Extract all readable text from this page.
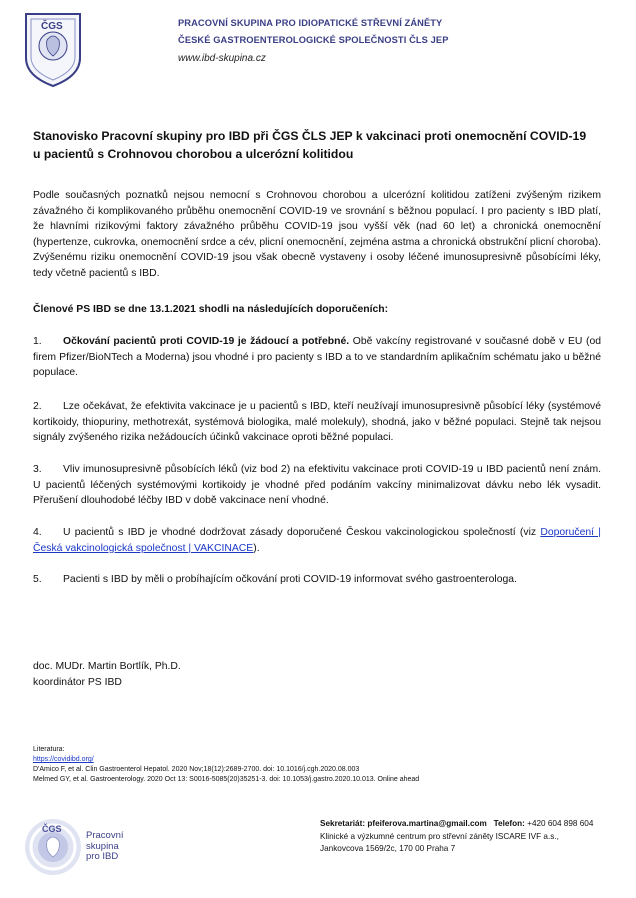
ČGS	PRACOVNÍ SKUPINA PRO IDIOPATICKÉ STŘEVNÍ ZÁNĚTY
ČESKÉ GASTROENTEROLOGICKÉ SPOLEČNOSTI ČLS JEP
www.ibd-skupina.cz
Stanovisko Pracovní skupiny pro IBD při ČGS ČLS JEP k vakcinaci proti onemocnění COVID-19 u pacientů s Crohnovou chorobou a ulcerózní kolitidou
Podle současných poznatků nejsou nemocní s Crohnovou chorobou a ulcerózní kolitidou zatíženi zvýšeným rizikem závažného či komplikovaného průběhu onemocnění COVID-19 ve srovnání s běžnou populací. I pro pacienty s IBD platí, že hlavními rizikovými faktory závažného průběhu COVID-19 jsou vyšší věk (nad 60 let) a chronická onemocnění (hypertenze, cukrovka, onemocnění srdce a cév, plicní onemocnění, zejména astma a chronická obstrukční plicní choroba). Zvýšenému riziku onemocnění COVID-19 jsou však obecně vystaveny i osoby léčené imunosupresivně působícími léky, tedy včetně pacientů s IBD.
Členové PS IBD se dne 13.1.2021 shodli na následujících doporučeních:
1. Očkování pacientů proti COVID-19 je žádoucí a potřebné. Obě vakcíny registrované v současné době v EU (od firem Pfizer/BioNTech a Moderna) jsou vhodné i pro pacienty s IBD a to ve standardním aplikačním schématu jako u běžné populace.
2. Lze očekávat, že efektivita vakcinace je u pacientů s IBD, kteří neužívají imunosupresivně působící léky (systémové kortikoidy, thiopuriny, methotrexát, systémová biologika, malé molekuly), shodná, jako v běžné populaci. Stejně tak nejsou signály zvýšeného rizika nežádoucích účinků vakcinace oproti běžné populaci.
3. Vliv imunosupresivně působících léků (viz bod 2) na efektivitu vakcinace proti COVID-19 u IBD pacientů není znám. U pacientů léčených systémovými kortikoidy je vhodné před podáním vakcíny minimalizovat dávku nebo lék vysadit. Přerušení dlouhodobé léčby IBD v době vakcinace není vhodné.
4. U pacientů s IBD je vhodné dodržovat zásady doporučené Českou vakcinologickou společností (viz Doporučení | Česká vakcinologická společnost | VAKCINACE).
5. Pacienti s IBD by měli o probíhajícím očkování proti COVID-19 informovat svého gastroenterologa.
doc. MUDr. Martin Bortlík, Ph.D.
koordinátor PS IBD
Literatura:
https://covidibd.org/
D'Amico F, et al. Clin Gastroenterol Hepatol. 2020 Nov;18(12):2689-2700. doi: 10.1016/j.cgh.2020.08.003
Melmed GY, et al. Gastroenterology. 2020 Oct 13: S0016-5085(20)35251-3. doi: 10.1053/j.gastro.2020.10.013. Online ahead
ČGS
Pracovní
skupina
pro IBD
Sekretariát: pfeiferova.martina@gmail.com Telefon: +420 604 898 604
Klinické a výzkumné centrum pro střevní záněty ISCARE IVF a.s.,
Jankovcova 1569/2c, 170 00 Praha 7
